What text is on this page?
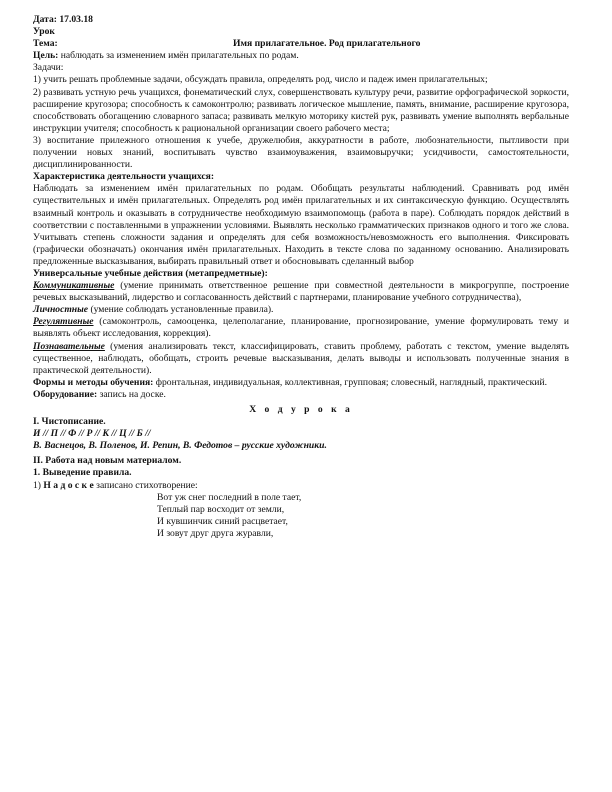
Дата: 17.03.18

Урок

Тема:	Имя прилагательное. Род прилагательного

Цель: наблюдать за изменением имён прилагательных по родам.

Задачи:

1) учить решать проблемные задачи, обсуждать правила, определять род, число и падеж имен прилагательных;

2) развивать устную речь учащихся, фонематический слух, совершенствовать культуру речи, развитие орфографической зоркости, расширение кругозора; способность к самоконтролю; развивать логическое мышление, память, внимание, расширение кругозора, способствовать обогащению словарного запаса; развивать мелкую моторику кистей рук, развивать умение выполнять вербальные инструкции учителя; способность к рациональной организации своего рабочего места;

3) воспитание прилежного отношения к учебе, дружелюбия, аккуратности в работе, любознательности, пытливости при получении новых знаний, воспитывать чувство взаимоуважения, взаимовыручки; усидчивости, самостоятельности, дисциплинированности.

Характеристика деятельности учащихся:

Наблюдать за изменением имён прилагательных по родам. Обобщать результаты наблюдений. Сравнивать род имён существительных и имён прилагательных. Определять род имён прилагательных и их синтаксическую функцию. Осуществлять взаимный контроль и оказывать в сотрудничестве необходимую взаимопомощь (работа в паре). Соблюдать порядок действий в соответствии с поставленными в упражнении условиями. Выявлять несколько грамматических признаков одного и того же слова. Учитывать степень сложности задания и определять для себя возможность/невозможность его выполнения. Фиксировать (графически обозначать) окончания имён прилагательных. Находить в тексте слова по заданному основанию. Анализировать предложенные высказывания, выбирать правильный ответ и обосновывать сделанный выбор

Универсальные учебные действия (метапредметные):

Коммуникативные (умение принимать ответственное решение при совместной деятельности в микрогруппе, построение речевых высказываний, лидерство и согласованность действий с партнерами, планирование учебного сотрудничества),

Личностные (умение соблюдать установленные правила).

Регулятивные (самоконтроль, самооценка, целеполагание, планирование, прогнозирование, умение формулировать тему и выявлять объект исследования, коррекция).

Познавательные (умения анализировать текст, классифицировать, ставить проблему, работать с текстом, умение выделять существенное, наблюдать, обобщать, строить речевые высказывания, делать выводы и использовать полученные знания в практической деятельности).

Формы и методы обучения: фронтальная, индивидуальная, коллективная, групповая; словесный, наглядный, практический.

Оборудование: запись на доске.

Х о д у р о к а

I. Чистописание.

И // П // Ф // Р // К // Ц // Б //

В. Васнецов, В. Поленов, И. Репин, В. Федотов – русские художники.

II. Работа над новым материалом.

1. Выведение правила.

1) Н а д о с к е записано стихотворение:

Вот уж снег последний в поле тает,

Теплый пар восходит от земли,

И кувшинчик синий расцветает,

И зовут друг друга журавли,
